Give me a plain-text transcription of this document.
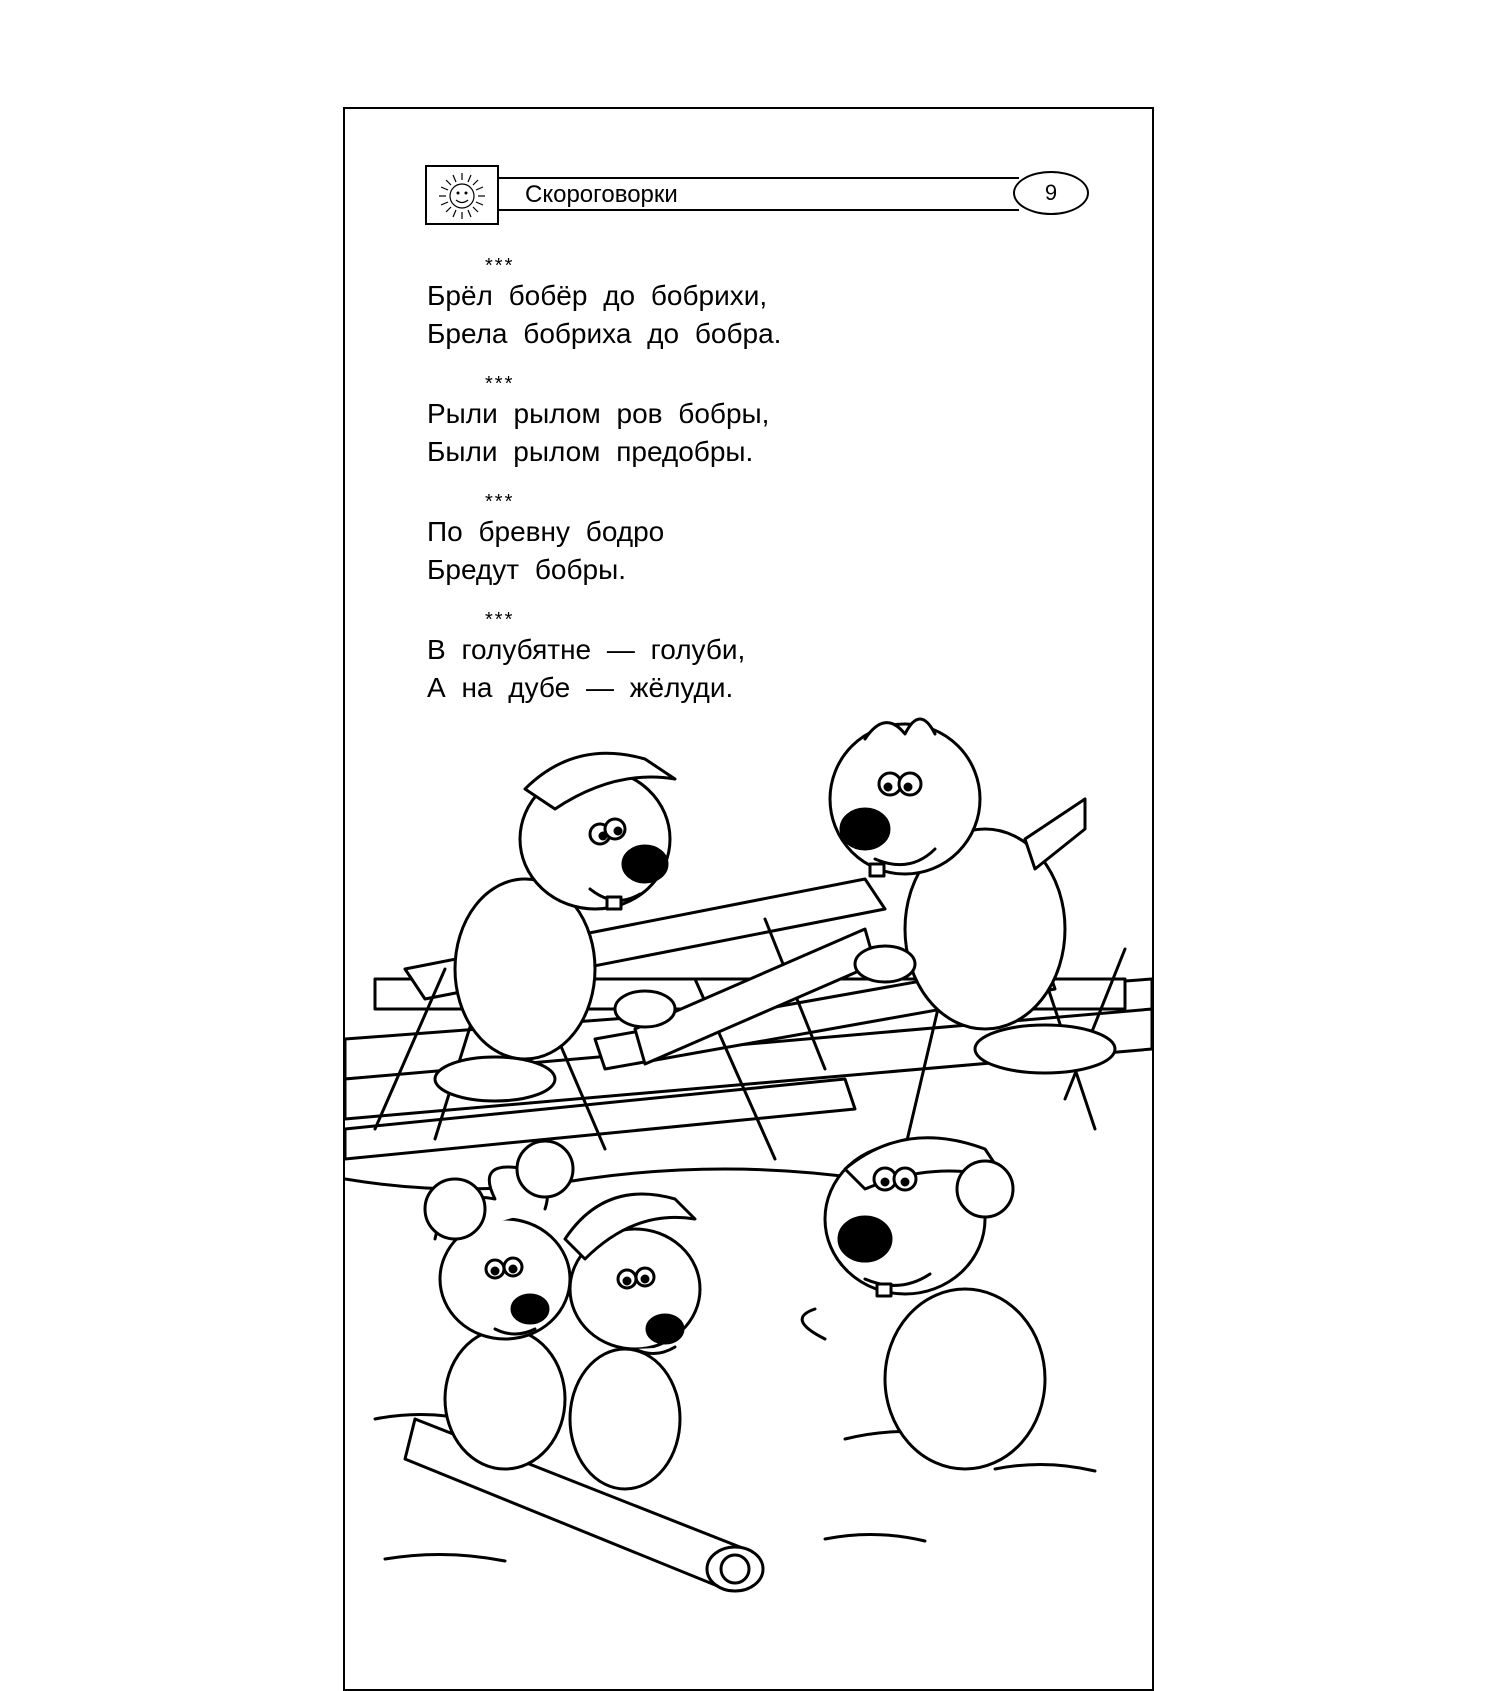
Скороговорки	9
***
Брёл бобёр до бобрихи,
Брела бобриха до бобра.
***
Рыли рылом ров бобры,
Были рылом предобры.
***
По бревну бодро
Бредут бобры.
***
В голубятне — голуби,
А на дубе — жёлуди.
